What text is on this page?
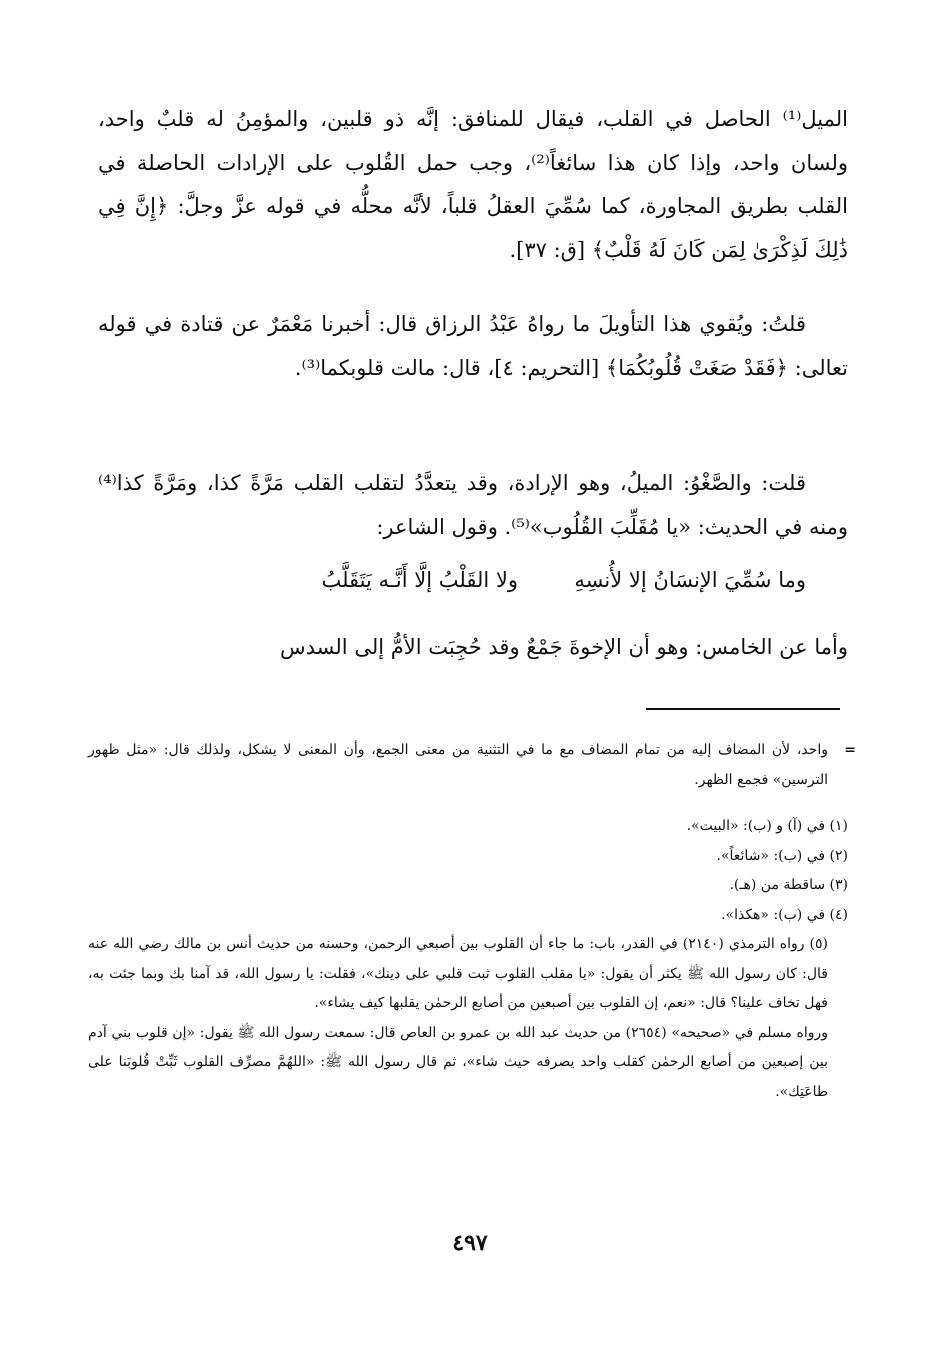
الميل⁽¹⁾ الحاصل في القلب، فيقال للمنافق: إنَّه ذو قلبين، والمؤمِنُ له قلبٌ واحد، ولسان واحد، وإذا كان هذا سائغاً⁽²⁾، وجب حمل القُلوب على الإرادات الحاصلة في القلب بطريق المجاورة، كما سُمِّيَ العقلُ قلباً، لأنَّه محلُّه في قوله عزَّ وجلَّ: ﴿إِنَّ فِي ذَٰلِكَ لَذِكْرَىٰ لِمَن كَانَ لَهُ قَلْبٌ﴾ [ق: ٣٧].

قلتُ: ويُقوي هذا التأويلَ ما رواهُ عَبْدُ الرزاق قال: أخبرنا مَعْمَرٌ عن قتادة في قوله تعالى: ﴿فَقَدْ صَغَتْ قُلُوبُكُمَا﴾ [التحريم: ٤]، قال: مالت قلوبكما⁽³⁾.

قلت: والصَّغْوُ: الميلُ، وهو الإرادة، وقد يتعدَّدُ لتقلب القلب مَرَّةً كذا، ومَرَّةً كذا⁽⁴⁾ ومنه في الحديث: «يا مُقَلِّبَ القُلُوب»⁽⁵⁾. وقول الشاعر:

وما سُمِّيَ الإنسَانُ إلا لأُنسِهِ
ولا القَلْبُ إلَّا أَنَّـه يَتَقَلَّبُ

وأما عن الخامس: وهو أن الإخوةَ جَمْعٌ وقد حُجِبَت الأمُّ إلى السدس

=
واحد، لأن المضاف إليه من تمام المضاف مع ما في التثنية من معنى الجمع، وأن المعنى لا يشكل، ولذلك قال: «مثل ظهور الترسين» فجمع الظهر.

(١) في (آ) و (ب): «البيت».

(٢) في (ب): «شائعاً».

(٣) ساقطة من (هـ).

(٤) في (ب): «هكذا».

(٥) رواه الترمذي (٢١٤٠) في القدر، باب: ما جاء أن القلوب بين أصبعي الرحمن، وحسنه من حديث أنس بن مالك رضي الله عنه قال: كان رسول الله ﷺ يكثر أن يقول: «يا مقلب القلوب ثبت قلبي على دينك»، فقلت: يا رسول الله، قد آمنا بك وبما جئت به، فهل تخاف علينا؟ قال: «نعم، إن القلوب بين أصبعين من أصابع الرحمٰن يقلبها كيف يشاء».

ورواه مسلم في «صحيحه» (٢٦٥٤) من حديث عبد الله بن عمرو بن العاص قال: سمعت رسول الله ﷺ يقول: «إن قلوب بني آدم بين إصبعين من أصابع الرحمٰن كقلب واحد يصرفه حيث شاء»، ثم قال رسول الله ﷺ: «اللهُمَّ مصرِّف القلوب ثَبِّتْ قُلوبَنا على طاعَتِك».

٤٩٧
